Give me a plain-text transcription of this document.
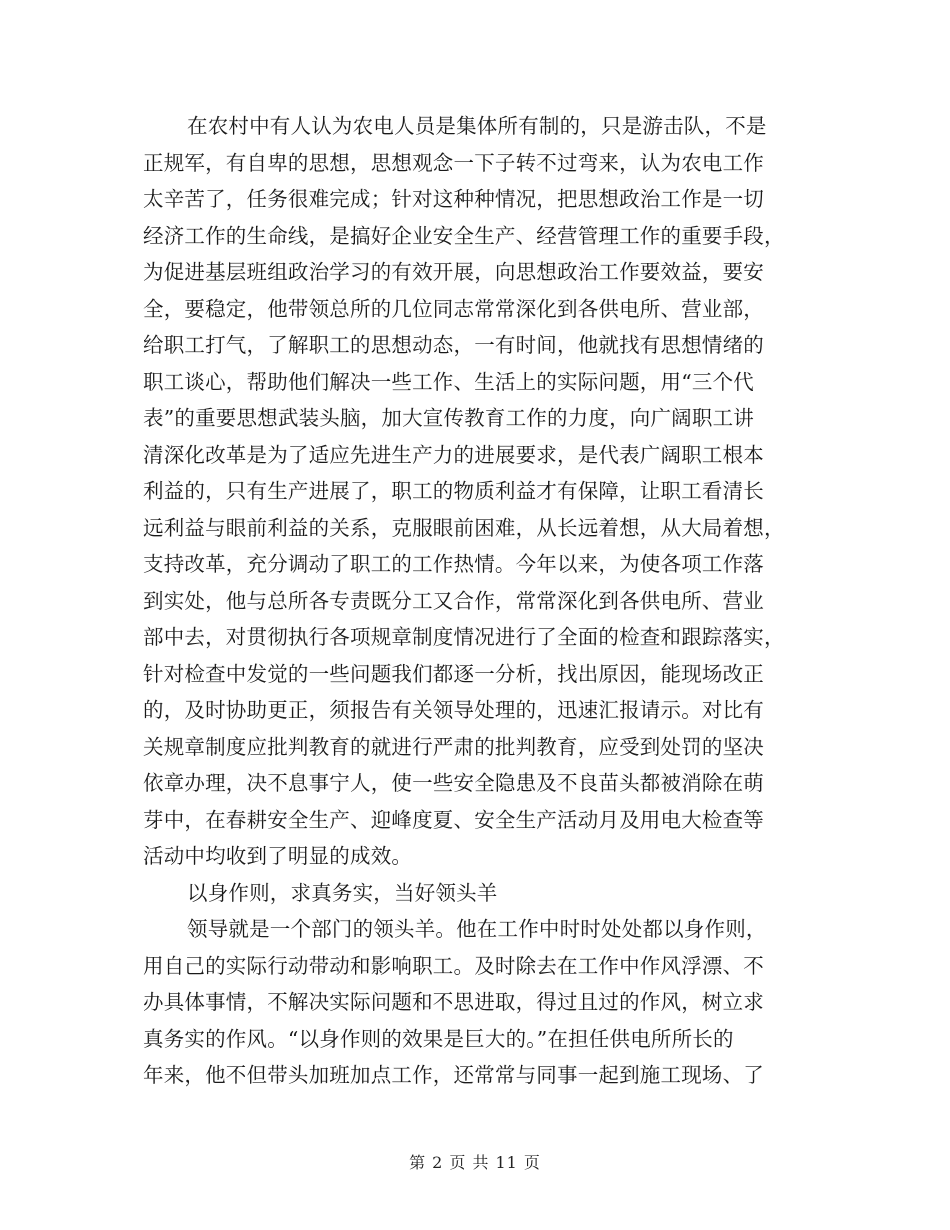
在农村中有人认为农电人员是集体所有制的，只是游击队，不是
正规军，有自卑的思想，思想观念一下子转不过弯来，认为农电工作
太辛苦了，任务很难完成；针对这种种情况，把思想政治工作是一切
经济工作的生命线，是搞好企业安全生产、经营管理工作的重要手段，
为促进基层班组政治学习的有效开展，向思想政治工作要效益，要安
全，要稳定，他带领总所的几位同志常常深化到各供电所、营业部，
给职工打气，了解职工的思想动态，一有时间，他就找有思想情绪的
职工谈心，帮助他们解决一些工作、生活上的实际问题，用“三个代
表”的重要思想武装头脑，加大宣传教育工作的力度，向广阔职工讲
清深化改革是为了适应先进生产力的进展要求，是代表广阔职工根本
利益的，只有生产进展了，职工的物质利益才有保障，让职工看清长
远利益与眼前利益的关系，克服眼前困难，从长远着想，从大局着想，
支持改革，充分调动了职工的工作热情。今年以来，为使各项工作落
到实处，他与总所各专责既分工又合作，常常深化到各供电所、营业
部中去，对贯彻执行各项规章制度情况进行了全面的检查和跟踪落实，
针对检查中发觉的一些问题我们都逐一分析，找出原因，能现场改正
的，及时协助更正，须报告有关领导处理的，迅速汇报请示。对比有
关规章制度应批判教育的就进行严肃的批判教育，应受到处罚的坚决
依章办理，决不息事宁人，使一些安全隐患及不良苗头都被消除在萌
芽中，在春耕安全生产、迎峰度夏、安全生产活动月及用电大检查等
活动中均收到了明显的成效。
以身作则，求真务实，当好领头羊
领导就是一个部门的领头羊。他在工作中时时处处都以身作则，
用自己的实际行动带动和影响职工。及时除去在工作中作风浮漂、不
办具体事情，不解决实际问题和不思进取，得过且过的作风，树立求
真务实的作风。“以身作则的效果是巨大的。”在担任供电所所长的
年来，他不但带头加班加点工作，还常常与同事一起到施工现场、了
第 2 页 共 11 页
